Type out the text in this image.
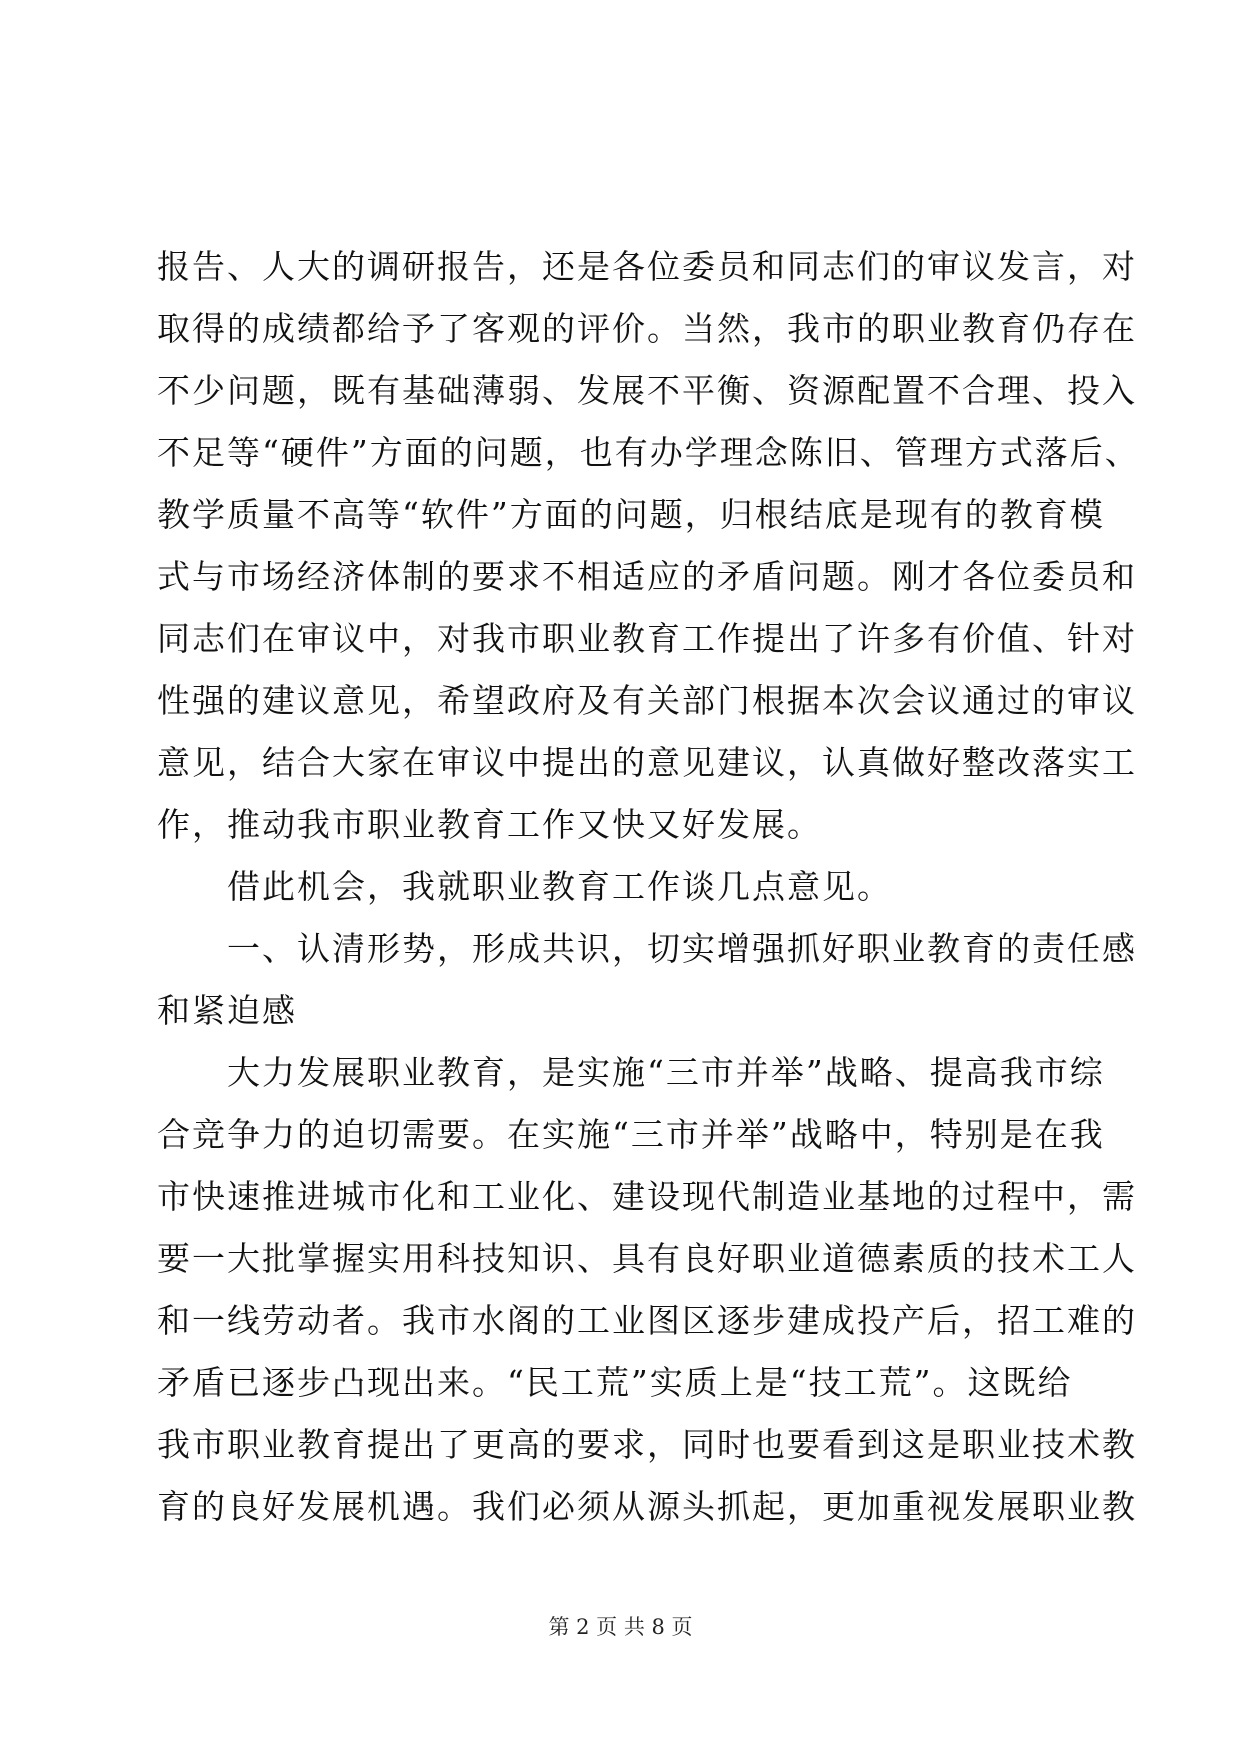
报告、人大的调研报告，还是各位委员和同志们的审议发言，对
取得的成绩都给予了客观的评价。当然，我市的职业教育仍存在
不少问题，既有基础薄弱、发展不平衡、资源配置不合理、投入
不足等“硬件”方面的问题，也有办学理念陈旧、管理方式落后、
教学质量不高等“软件”方面的问题，归根结底是现有的教育模
式与市场经济体制的要求不相适应的矛盾问题。刚才各位委员和
同志们在审议中，对我市职业教育工作提出了许多有价值、针对
性强的建议意见，希望政府及有关部门根据本次会议通过的审议
意见，结合大家在审议中提出的意见建议，认真做好整改落实工
作，推动我市职业教育工作又快又好发展。
　　借此机会，我就职业教育工作谈几点意见。
　　一、认清形势，形成共识，切实增强抓好职业教育的责任感
和紧迫感
　　大力发展职业教育，是实施“三市并举”战略、提高我市综
合竞争力的迫切需要。在实施“三市并举”战略中，特别是在我
市快速推进城市化和工业化、建设现代制造业基地的过程中，需
要一大批掌握实用科技知识、具有良好职业道德素质的技术工人
和一线劳动者。我市水阁的工业图区逐步建成投产后，招工难的
矛盾已逐步凸现出来。“民工荒”实质上是“技工荒”。这既给
我市职业教育提出了更高的要求，同时也要看到这是职业技术教
育的良好发展机遇。我们必须从源头抓起，更加重视发展职业教
第 2 页 共 8 页
